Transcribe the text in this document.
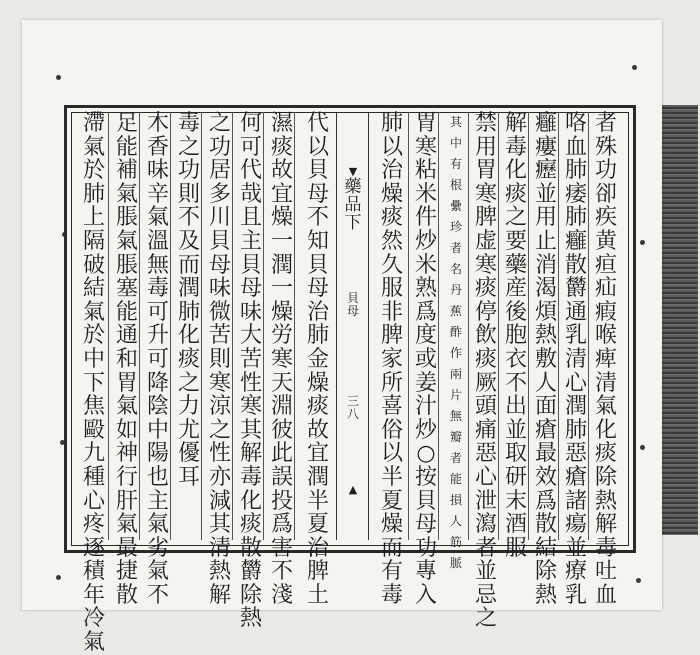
者
殊
功
卻
疾
黄
疸
疝
瘕
喉
痺
清
氣
化
痰
除
熱
解
毒
吐
血
咯
血
肺
痿
肺
癰
散
欝
通
乳
清
心
潤
肺
惡
瘡
諸
瘍
並
療
乳
癰
瘻
癧
並
用
止
消
渴
煩
熱
敷
人
面
瘡
最
效
爲
散
結
除
熱
解
毒
化
痰
之
要
藥
産
後
胞
衣
不
出
並
取
研
末
酒
服
禁
用
胃
寒
脾
虚
寒
痰
停
飲
痰
厥
頭
痛
惡
心
泄
瀉
者
並
忌
之
其
中
有
根
纍
珍
者
名
丹
蕉
酢
作
兩
片
無
瓣
者
能
損
人
筋
脈
胃
寒
粘
米
件
炒
米
熟
爲
度
或
姜
汁
炒
○
按
貝
母
功
專
入
肺
以
治
燥
痰
然
久
服
非
脾
家
所
喜
俗
以
半
夏
燥
而
有
毒
藥
品
下
貝
母
三
八
▼
▲
代
以
貝
母
不
知
貝
母
治
肺
金
燥
痰
故
宜
潤
半
夏
治
脾
土
濕
痰
故
宜
燥
一
潤
一
燥
労
寒
天
淵
彼
此
誤
投
爲
害
不
淺
何
可
代
哉
且
主
貝
母
味
大
苦
性
寒
其
解
毒
化
痰
散
欝
除
熱
之
功
居
多
川
貝
母
味
微
苦
則
寒
涼
之
性
亦
減
其
清
熱
解
毒
之
功
則
不
及
而
潤
肺
化
痰
之
力
尤
優
耳
木
香
味
辛
氣
溫
無
毒
可
升
可
降
陰
中
陽
也
主
氣
劣
氣
不
足
能
補
氣
脹
氣
脹
塞
能
通
和
胃
氣
如
神
行
肝
氣
最
捷
散
滯
氣
於
肺
上
隔
破
結
氣
於
中
下
焦
毆
九
種
心
疼
逐
積
年
冷
氣
